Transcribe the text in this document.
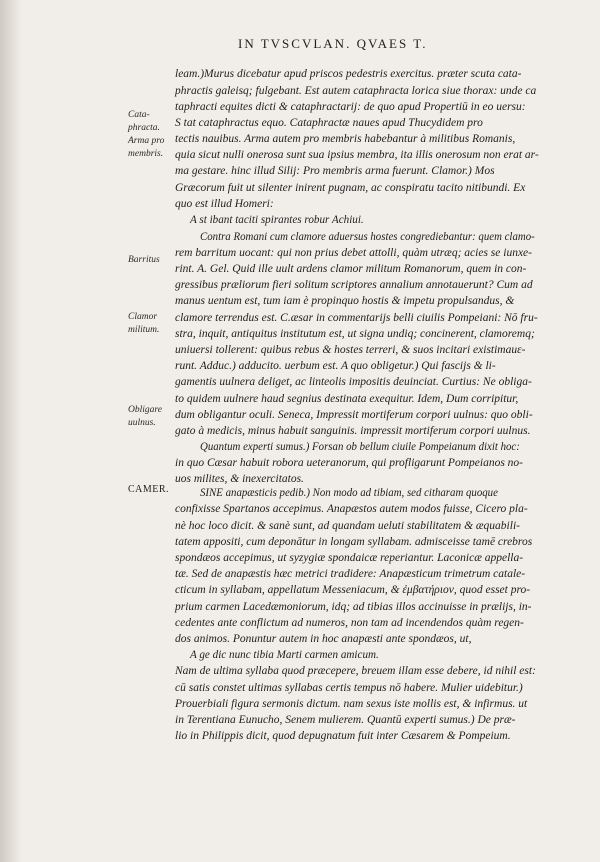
IN TVSCVLAN. QVAES T.
Cata-
phracta.
Arma pro
membris.
Barritus
Clamor
militum.
Obligare
uulnus.
CAMER.
leam.)Murus dicebatur apud priscos pedestris exercitus. præter scuta cata-
phractis galeisq; fulgebant. Est autem cataphracta lorica siue thorax: unde ca
taphracti equites dicti & cataphractarij: de quo apud Propertiū in eo uersu:
S tat cataphractus equo. Cataphractæ naues apud Thucydidem pro
tectis nauibus. Arma autem pro membris habebantur à militibus Romanis,
quia sicut nulli onerosa sunt sua ipsius membra, ita illis onerosum non erat ar-
ma gestare. hinc illud Silij: Pro membris arma fuerunt. Clamor.) Mos
Græcorum fuit ut silenter inirent pugnam, ac conspiratu tacito nitibundi. Ex
quo est illud Homeri:
A st ibant taciti spirantes robur Achiui.
Contra Romani cum clamore aduersus hostes congrediebantur: quem clamo-
rem barritum uocant: qui non prius debet attolli, quàm utræq; acies se iunxe-
rint. A. Gel. Quid ille uult ardens clamor militum Romanorum, quem in con-
gressibus præliorum fieri solitum scriptores annalium annotauerunt? Cum ad
manus uentum est, tum iam è propinquo hostis & impetu propulsandus, &
clamore terrendus est. C.æsar in commentarijs belli ciuilis Pompeiani: Nō fru-
stra, inquit, antiquitus institutum est, ut signa undiq; concinerent, clamoremq;
uniuersi tollerent: quibus rebus & hostes terreri, & suos incitari existimauε-
runt. Adduc.) adducito. uerbum est. A quo obligetur.) Qui fascijs & li-
gamentis uulnera deliget, ac linteolis impositis deuinciat. Curtius: Ne obliga-
to quidem uulnere haud segnius destinata exequitur. Idem, Dum corripitur,
dum obligantur oculi. Seneca, Impressit mortiferum corpori uulnus: quo obli-
gato à medicis, minus habuit sanguinis. impressit mortiferum corpori uulnus.
Quantum experti sumus.) Forsan ob bellum ciuile Pompeianum dixit hoc:
in quo Cæsar habuit robora ueteranorum, qui profligarunt Pompeianos no-
uos milites, & inexercitatos.
SINE anapæsticis pedib.) Non modo ad tibiam, sed citharam quoque
confixisse Spartanos accepimus. Anapæstos autem modos fuisse, Cicero pla-
nè hoc loco dicit. & sanè sunt, ad quandam ueluti stabilitatem & æquabili-
tatem appositi, cum deponātur in longam syllabam. admisceisse tamē crebros
spondæos accepimus, ut syzygiæ spondaicæ reperiantur. Laconicæ appella-
tæ. Sed de anapæstis hæc metrici tradidere: Anapæsticum trimetrum catale-
cticum in syllabam, appellatum Messeniacum, & ἐμβατήριον, quod esset pro-
prium carmen Lacedæmoniorum, idq; ad tibias illos accinuisse in prælijs, in-
cedentes ante conflictum ad numeros, non tam ad incendendos quàm regen-
dos animos. Ponuntur autem in hoc anapæsti ante spondæos, ut,
A ge dic nunc tibia Marti carmen amicum.
Nam de ultima syllaba quod præcepere, breuem illam esse debere, id nihil est:
cū satis constet ultimas syllabas certis tempus nō habere. Mulier uidebitur.)
Prouerbiali figura sermonis dictum. nam sexus iste mollis est, & infirmus. ut
in Terentiana Eunucho, Senem mulierem. Quantū experti sumus.) De præ-
lio in Philippis dicit, quod depugnatum fuit inter Cæsarem & Pompeium.
